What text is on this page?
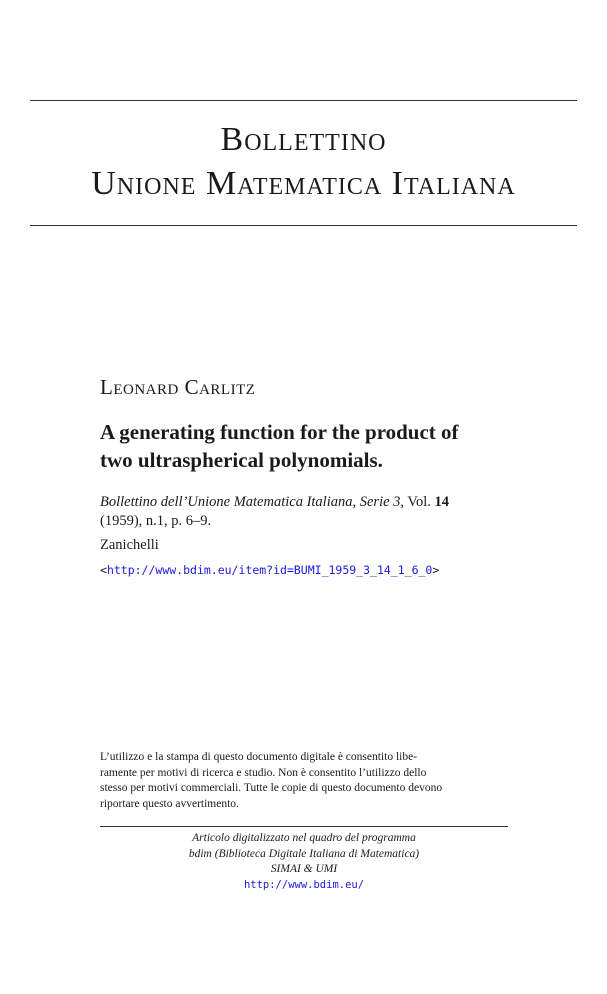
Bollettino
Unione Matematica Italiana
Leonard Carlitz
A generating function for the product of
two ultraspherical polynomials.
Bollettino dell’Unione Matematica Italiana, Serie 3, Vol. 14
(1959), n.1, p. 6–9.
Zanichelli
<http://www.bdim.eu/item?id=BUMI_1959_3_14_1_6_0>
L’utilizzo e la stampa di questo documento digitale è consentito libe-
ramente per motivi di ricerca e studio. Non è consentito l’utilizzo dello
stesso per motivi commerciali. Tutte le copie di questo documento devono
riportare questo avvertimento.
Articolo digitalizzato nel quadro del programma
bdim (Biblioteca Digitale Italiana di Matematica)
SIMAI & UMI
http://www.bdim.eu/
